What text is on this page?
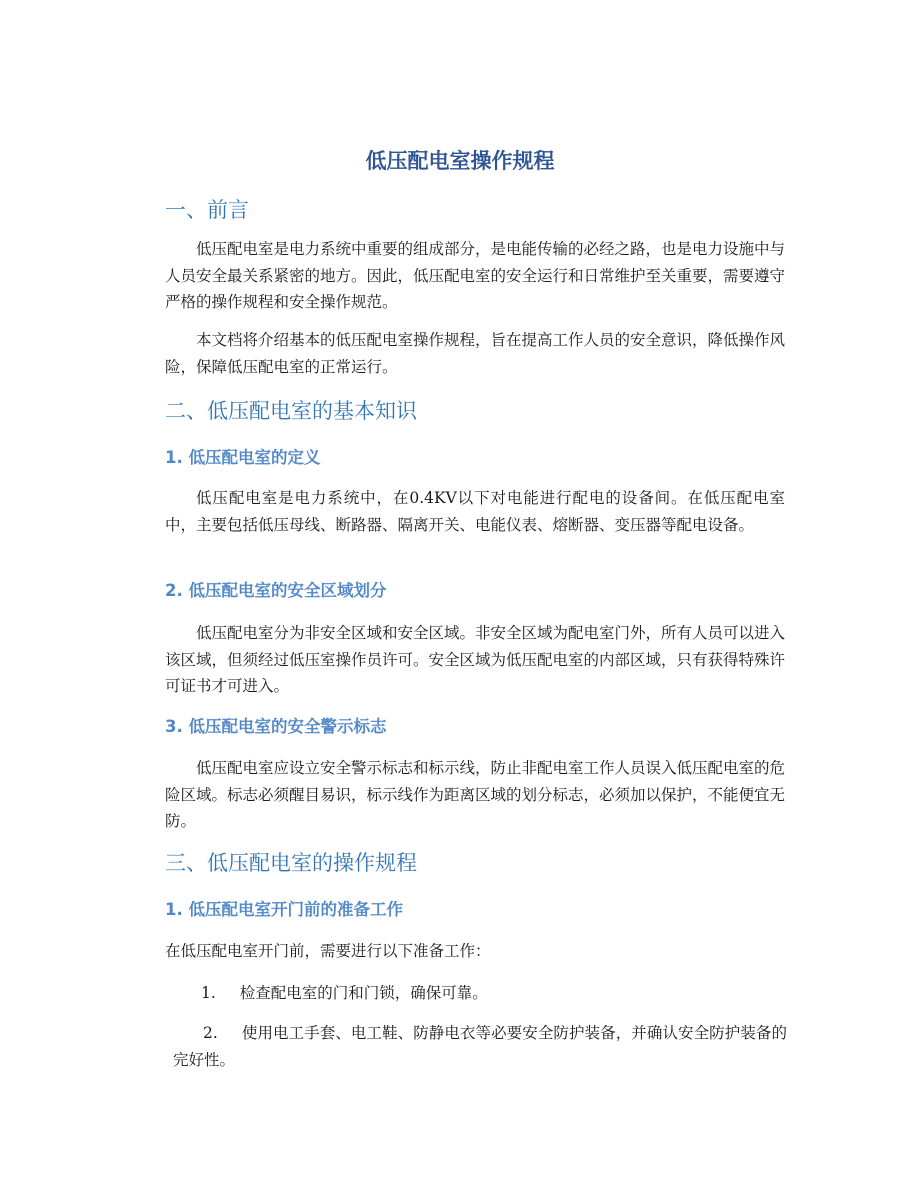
低压配电室操作规程
一、前言

低压配电室是电力系统中重要的组成部分，是电能传输的必经之路，也是电力设施中与人员安全最关系紧密的地方。因此，低压配电室的安全运行和日常维护至关重要，需要遵守严格的操作规程和安全操作规范。

本文档将介绍基本的低压配电室操作规程，旨在提高工作人员的安全意识，降低操作风险，保障低压配电室的正常运行。

二、低压配电室的基本知识
1. 低压配电室的定义

低压配电室是电力系统中，在0.4KV以下对电能进行配电的设备间。在低压配电室中，主要包括低压母线、断路器、隔离开关、电能仪表、熔断器、变压器等配电设备。

2. 低压配电室的安全区域划分

低压配电室分为非安全区域和安全区域。非安全区域为配电室门外，所有人员可以进入该区域，但须经过低压室操作员许可。安全区域为低压配电室的内部区域，只有获得特殊许可证书才可进入。

3. 低压配电室的安全警示标志

低压配电室应设立安全警示标志和标示线，防止非配电室工作人员误入低压配电室的危险区域。标志必须醒目易识，标示线作为距离区域的划分标志，必须加以保护，不能便宜无防。

三、低压配电室的操作规程
1. 低压配电室开门前的准备工作

在低压配电室开门前，需要进行以下准备工作：

1. 检查配电室的门和门锁，确保可靠。

2. 使用电工手套、电工鞋、防静电衣等必要安全防护装备，并确认安全防护装备的完好性。
